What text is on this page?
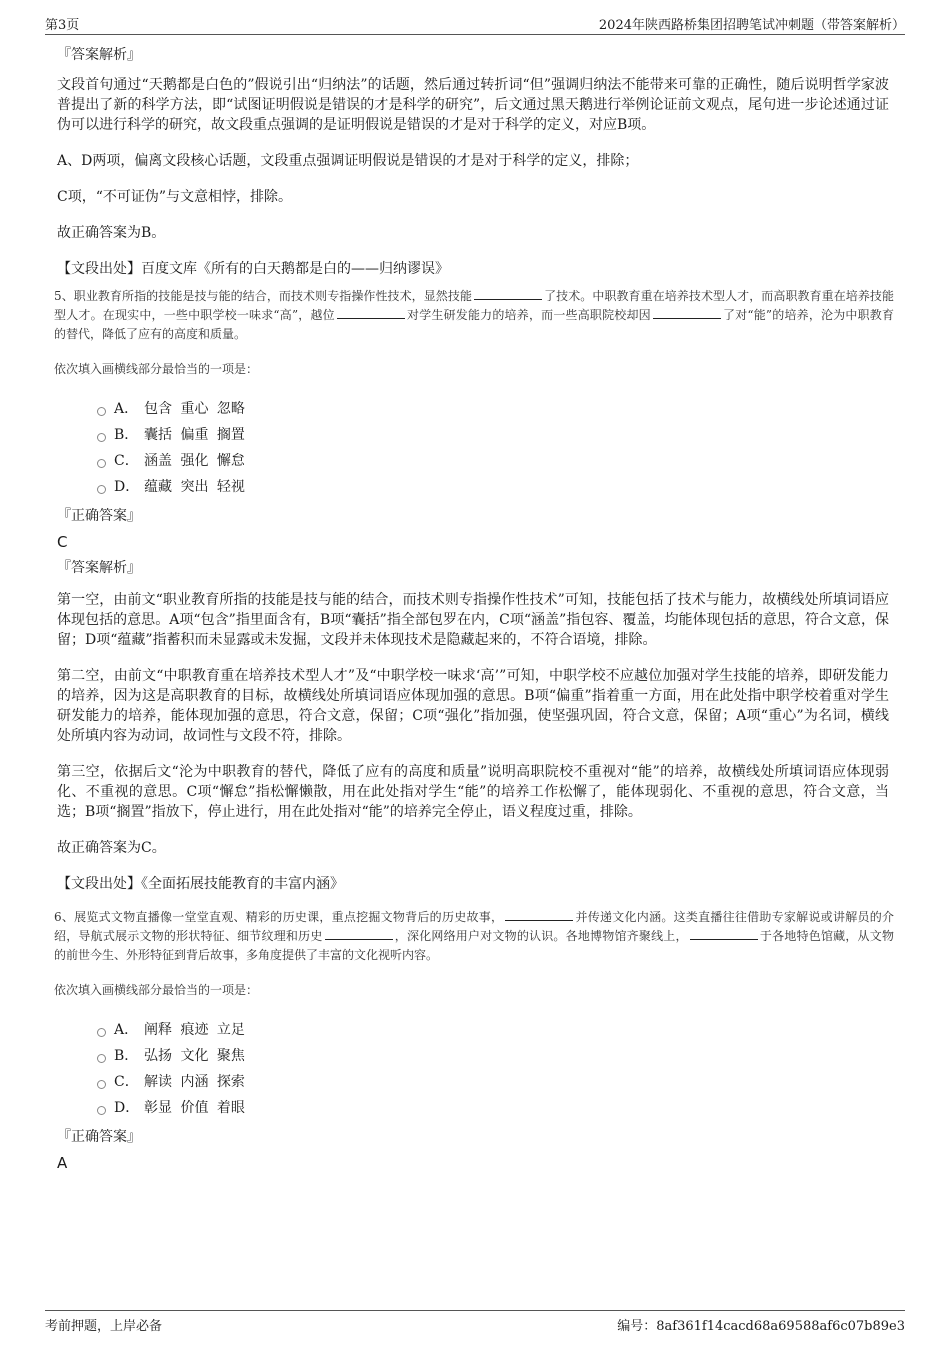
第3页	2024年陕西路桥集团招聘笔试冲刺题（带答案解析）
『答案解析』

文段首句通过“天鹅都是白色的”假说引出“归纳法”的话题，然后通过转折词“但”强调归纳法不能带来可靠的正确性，随后说明哲学家波普提出了新的科学方法，即“试图证明假说是错误的才是科学的研究”，后文通过黑天鹅进行举例论证前文观点，尾句进一步论述通过证伪可以进行科学的研究，故文段重点强调的是证明假说是错误的才是对于科学的定义，对应B项。

A、D两项，偏离文段核心话题，文段重点强调证明假说是错误的才是对于科学的定义，排除；

C项，“不可证伪”与文意相悖，排除。

故正确答案为B。

【文段出处】百度文库《所有的白天鹅都是白的——归纳谬误》

5、职业教育所指的技能是技与能的结合，而技术则专指操作性技术，显然技能	了技术。中职教育重在培养技术型人才，而高职教育重在培养技能型人才。在现实中，一些中职学校一味求“高”，越位	对学生研发能力的培养，而一些高职院校却因	了对“能”的培养，沦为中职教育的替代，降低了应有的高度和质量。

依次填入画横线部分最恰当的一项是：

A． 包含 重心 忽略
B． 囊括 偏重 搁置
C． 涵盖 强化 懈怠
D． 蕴藏 突出 轻视
『正确答案』
C
『答案解析』

第一空，由前文“职业教育所指的技能是技与能的结合，而技术则专指操作性技术”可知，技能包括了技术与能力，故横线处所填词语应体现包括的意思。A项“包含”指里面含有，B项“囊括”指全部包罗在内，C项“涵盖”指包容、覆盖，均能体现包括的意思，符合文意，保留；D项“蕴藏”指蓄积而未显露或未发掘，文段并未体现技术是隐藏起来的，不符合语境，排除。

第二空，由前文“中职教育重在培养技术型人才”及“中职学校一味求‘高’”可知，中职学校不应越位加强对学生技能的培养，即研发能力的培养，因为这是高职教育的目标，故横线处所填词语应体现加强的意思。B项“偏重”指着重一方面，用在此处指中职学校着重对学生研发能力的培养，能体现加强的意思，符合文意，保留；C项“强化”指加强，使坚强巩固，符合文意，保留；A项“重心”为名词，横线处所填内容为动词，故词性与文段不符，排除。

第三空，依据后文“沦为中职教育的替代，降低了应有的高度和质量”说明高职院校不重视对“能”的培养，故横线处所填词语应体现弱化、不重视的意思。C项“懈怠”指松懈懒散，用在此处指对学生“能”的培养工作松懈了，能体现弱化、不重视的意思，符合文意，当选；B项“搁置”指放下，停止进行，用在此处指对“能”的培养完全停止，语义程度过重，排除。

故正确答案为C。

【文段出处】《全面拓展技能教育的丰富内涵》

6、展览式文物直播像一堂堂直观、精彩的历史课，重点挖掘文物背后的历史故事，	并传递文化内涵。这类直播往往借助专家解说或讲解员的介绍，导航式展示文物的形状特征、细节纹理和历史	，深化网络用户对文物的认识。各地博物馆齐聚线上，	于各地特色馆藏，从文物的前世今生、外形特征到背后故事，多角度提供了丰富的文化视听内容。

依次填入画横线部分最恰当的一项是：

A． 阐释 痕迹 立足
B． 弘扬 文化 聚焦
C． 解读 内涵 探索
D． 彰显 价值 着眼
『正确答案』
A
考前押题，上岸必备	编号：8af361f14cacd68a69588af6c07b89e3
